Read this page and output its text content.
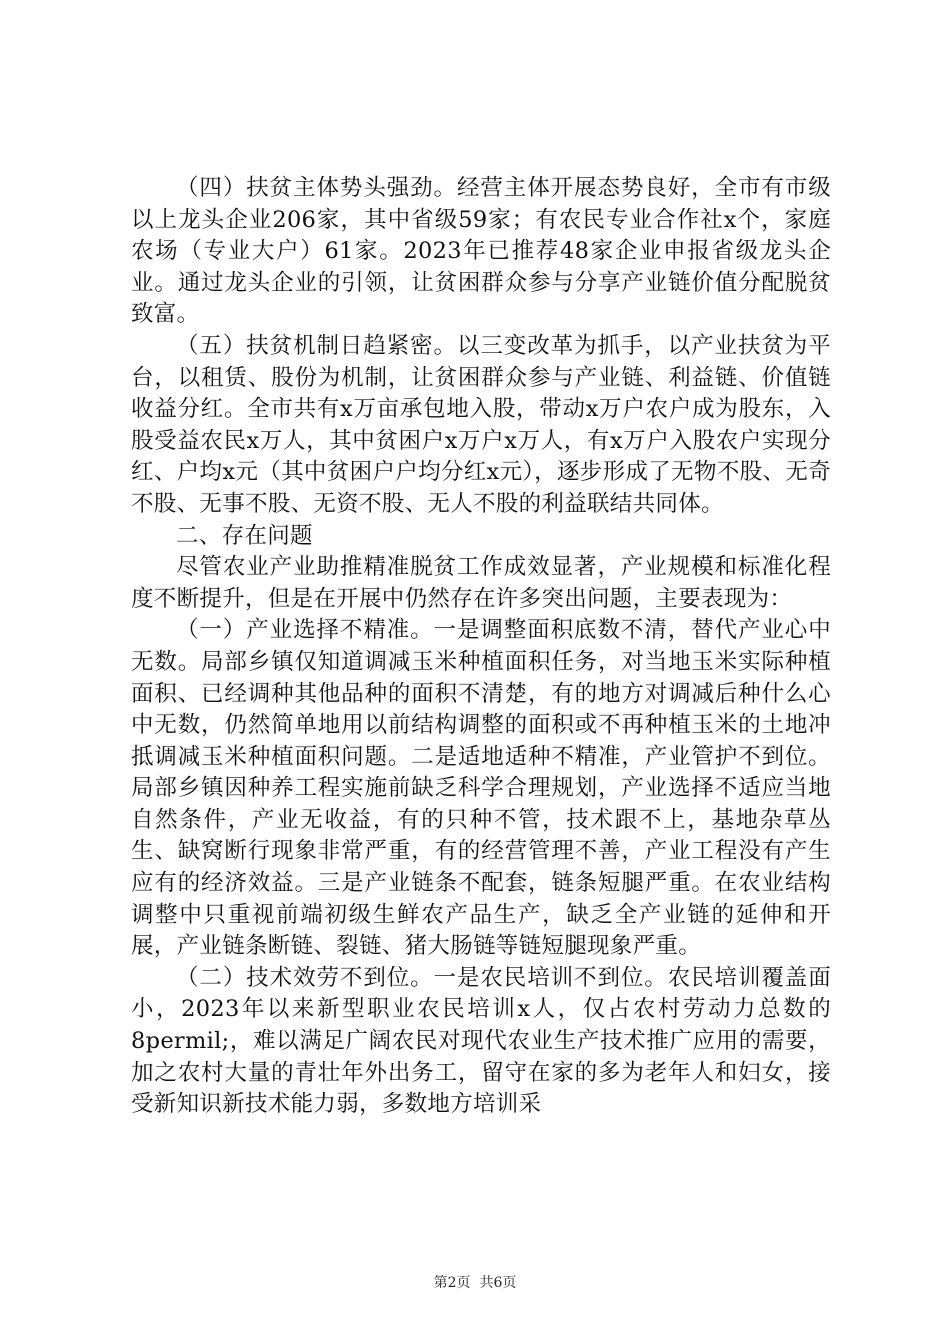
（四）扶贫主体势头强劲。经营主体开展态势良好，全市有市级以上龙头企业206家，其中省级59家；有农民专业合作社x个，家庭农场（专业大户）61家。2023年已推荐48家企业申报省级龙头企业。通过龙头企业的引领，让贫困群众参与分享产业链价值分配脱贫致富。

（五）扶贫机制日趋紧密。以三变改革为抓手，以产业扶贫为平台，以租赁、股份为机制，让贫困群众参与产业链、利益链、价值链收益分红。全市共有x万亩承包地入股，带动x万户农户成为股东，入股受益农民x万人，其中贫困户x万户x万人，有x万户入股农户实现分红、户均x元（其中贫困户户均分红x元），逐步形成了无物不股、无奇不股、无事不股、无资不股、无人不股的利益联结共同体。

二、存在问题

尽管农业产业助推精准脱贫工作成效显著，产业规模和标准化程度不断提升，但是在开展中仍然存在许多突出问题，主要表现为：

（一）产业选择不精准。一是调整面积底数不清，替代产业心中无数。局部乡镇仅知道调减玉米种植面积任务，对当地玉米实际种植面积、已经调种其他品种的面积不清楚，有的地方对调减后种什么心中无数，仍然简单地用以前结构调整的面积或不再种植玉米的土地冲抵调减玉米种植面积问题。二是适地适种不精准，产业管护不到位。局部乡镇因种养工程实施前缺乏科学合理规划，产业选择不适应当地自然条件，产业无收益，有的只种不管，技术跟不上，基地杂草丛生、缺窝断行现象非常严重，有的经营管理不善，产业工程没有产生应有的经济效益。三是产业链条不配套，链条短腿严重。在农业结构调整中只重视前端初级生鲜农产品生产，缺乏全产业链的延伸和开展，产业链条断链、裂链、猪大肠链等链短腿现象严重。

（二）技术效劳不到位。一是农民培训不到位。农民培训覆盖面小，2023年以来新型职业农民培训x人，仅占农村劳动力总数的8permil;，难以满足广阔农民对现代农业生产技术推广应用的需要，加之农村大量的青壮年外出务工，留守在家的多为老年人和妇女，接受新知识新技术能力弱，多数地方培训采

第2页 共6页
